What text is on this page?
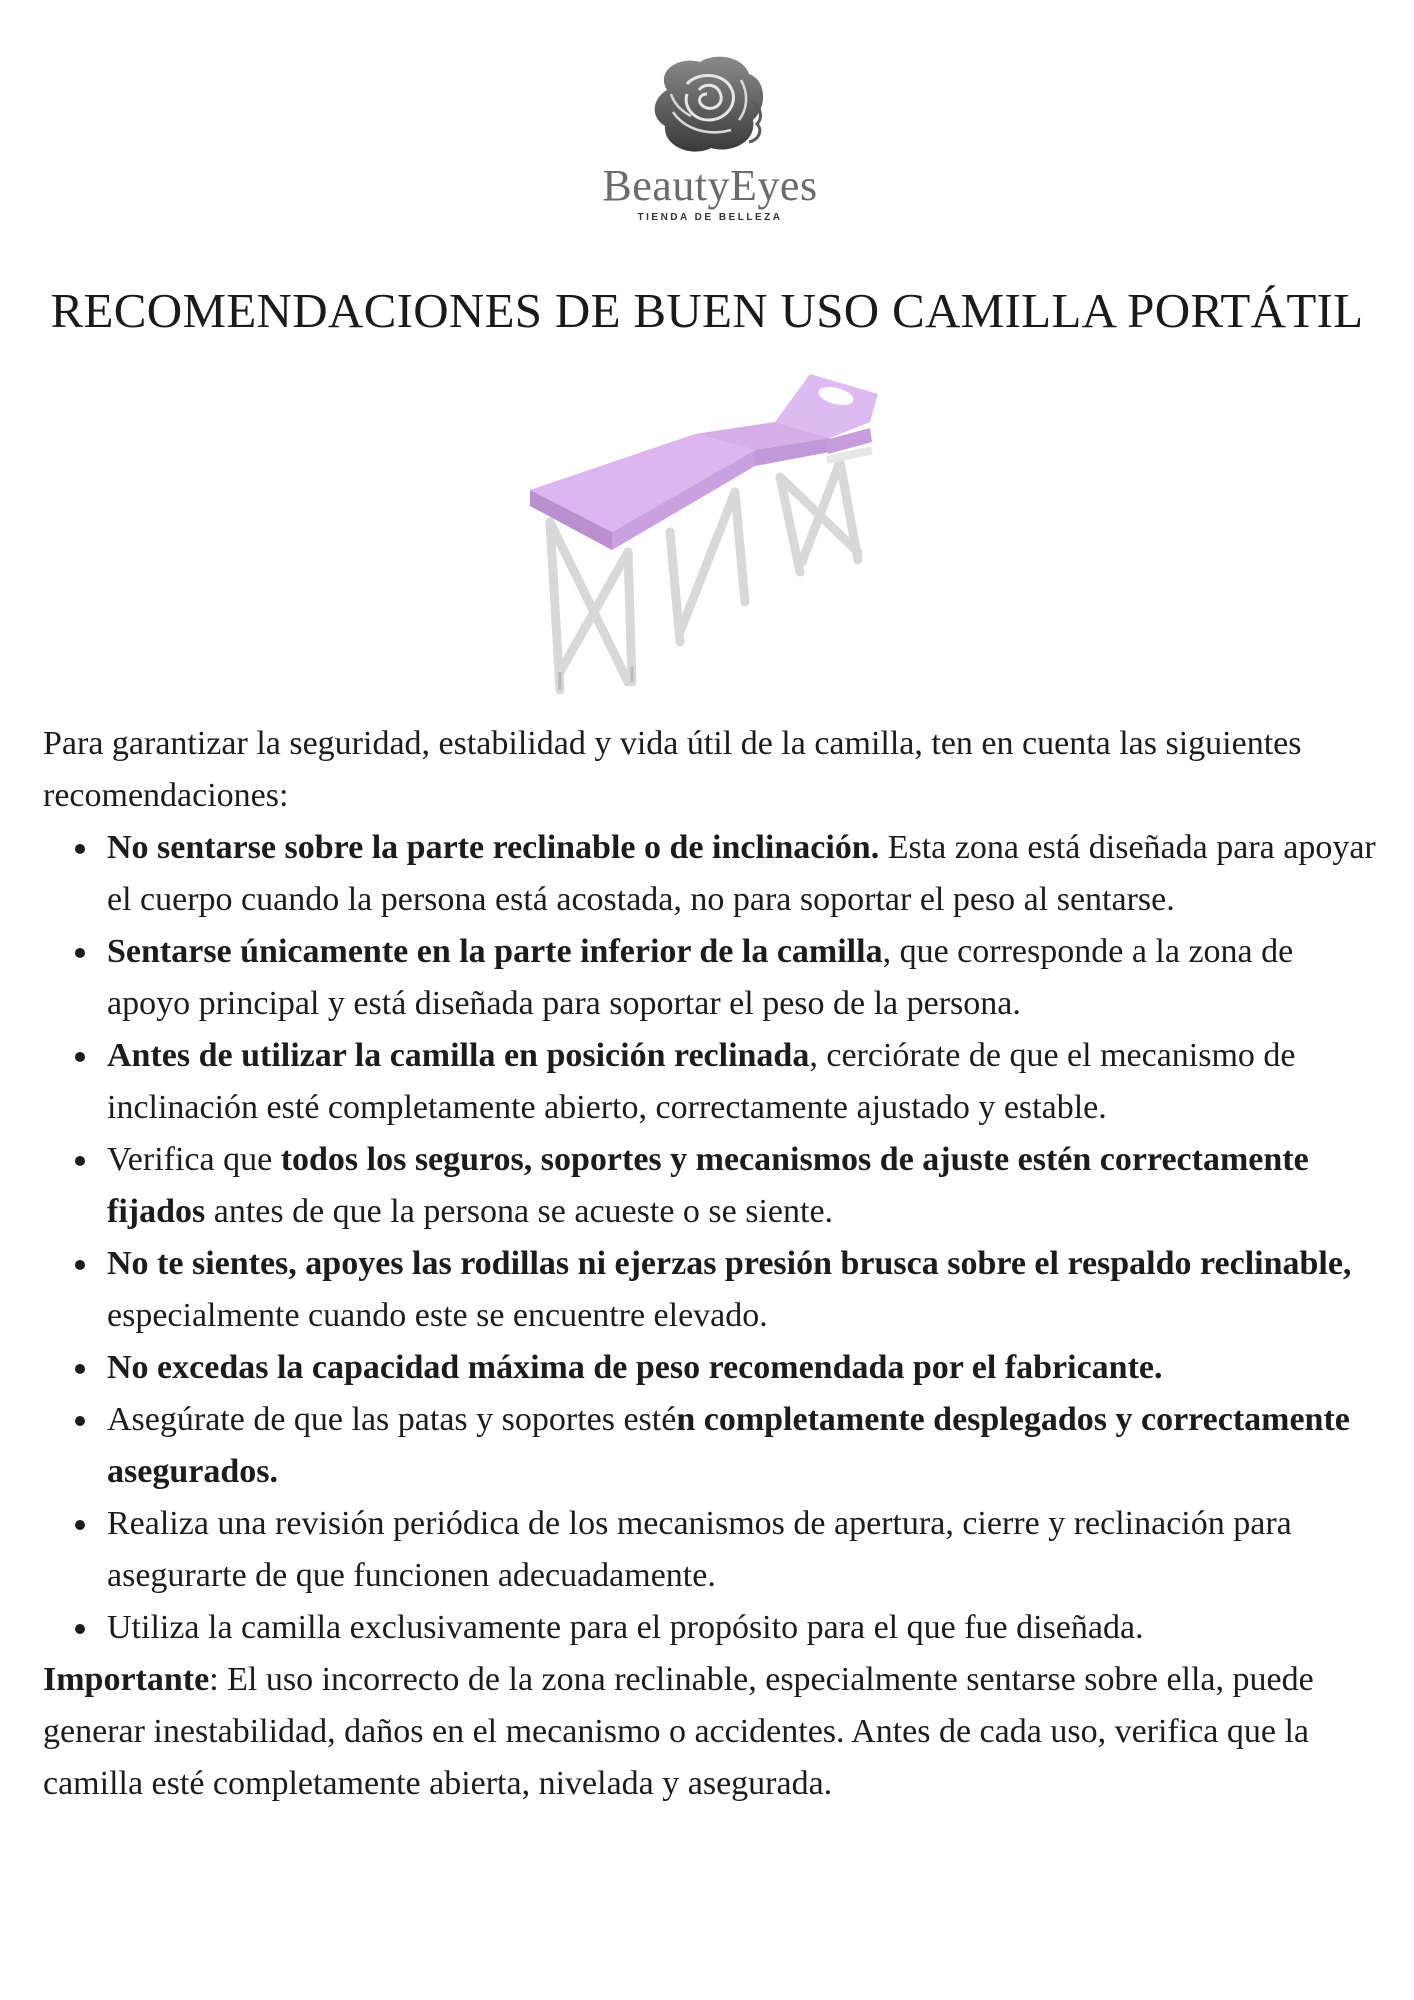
BeautyEyes
TIENDA DE BELLEZA
RECOMENDACIONES DE BUEN USO CAMILLA PORTÁTIL

Para garantizar la seguridad, estabilidad y vida útil de la camilla, ten en cuenta las siguientes recomendaciones:

No sentarse sobre la parte reclinable o de inclinación. Esta zona está diseñada para apoyar el cuerpo cuando la persona está acostada, no para soportar el peso al sentarse.
Sentarse únicamente en la parte inferior de la camilla, que corresponde a la zona de apoyo principal y está diseñada para soportar el peso de la persona.
Antes de utilizar la camilla en posición reclinada, cerciórate de que el mecanismo de inclinación esté completamente abierto, correctamente ajustado y estable.
Verifica que todos los seguros, soportes y mecanismos de ajuste estén correctamente fijados antes de que la persona se acueste o se siente.
No te sientes, apoyes las rodillas ni ejerzas presión brusca sobre el respaldo reclinable, especialmente cuando este se encuentre elevado.
No excedas la capacidad máxima de peso recomendada por el fabricante.
Asegúrate de que las patas y soportes estén completamente desplegados y correctamente asegurados.
Realiza una revisión periódica de los mecanismos de apertura, cierre y reclinación para asegurarte de que funcionen adecuadamente.
Utiliza la camilla exclusivamente para el propósito para el que fue diseñada.

Importante: El uso incorrecto de la zona reclinable, especialmente sentarse sobre ella, puede generar inestabilidad, daños en el mecanismo o accidentes. Antes de cada uso, verifica que la camilla esté completamente abierta, nivelada y asegurada.
